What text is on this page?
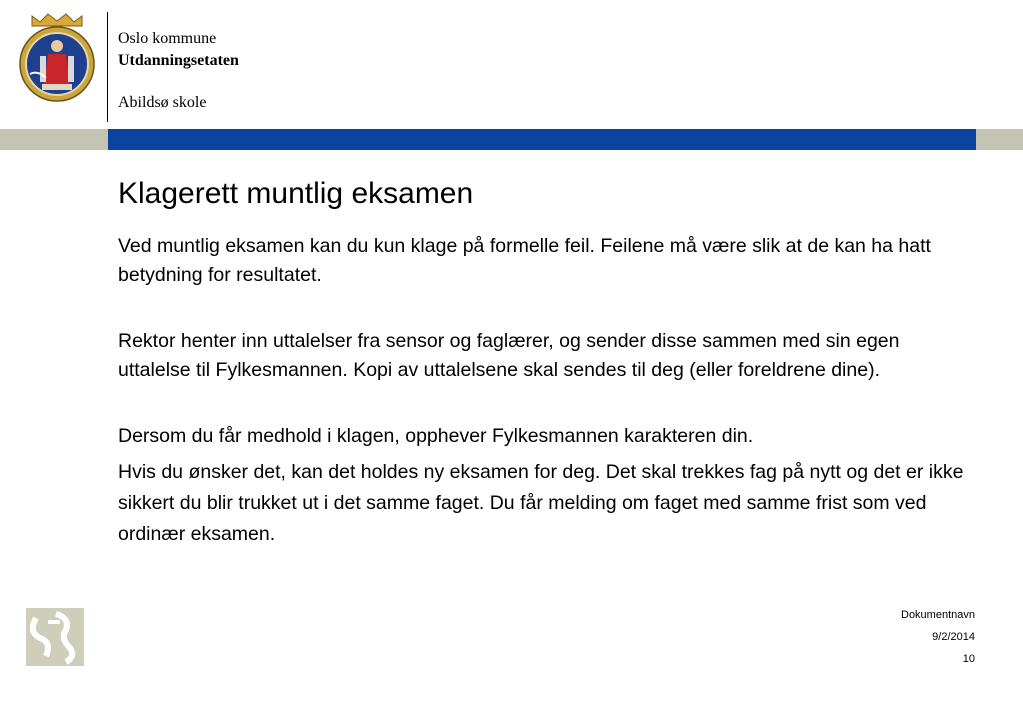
Oslo kommune
Utdanningsetaten
Abildsø skole
Klagerett muntlig eksamen

Ved muntlig eksamen kan du kun klage på formelle feil. Feilene må være slik at de kan ha hatt betydning for resultatet.

Rektor henter inn uttalelser fra sensor og faglærer, og sender disse sammen med sin egen uttalelse til Fylkesmannen. Kopi av uttalelsene skal sendes til deg (eller foreldrene dine).

Dersom du får medhold i klagen, opphever Fylkesmannen karakteren din.

Hvis du ønsker det, kan det holdes ny eksamen for deg. Det skal trekkes fag på nytt og det er ikke sikkert du blir trukket ut i det samme faget. Du får melding om faget med samme frist som ved ordinær eksamen.

Dokumentnavn
9/2/2014
10
